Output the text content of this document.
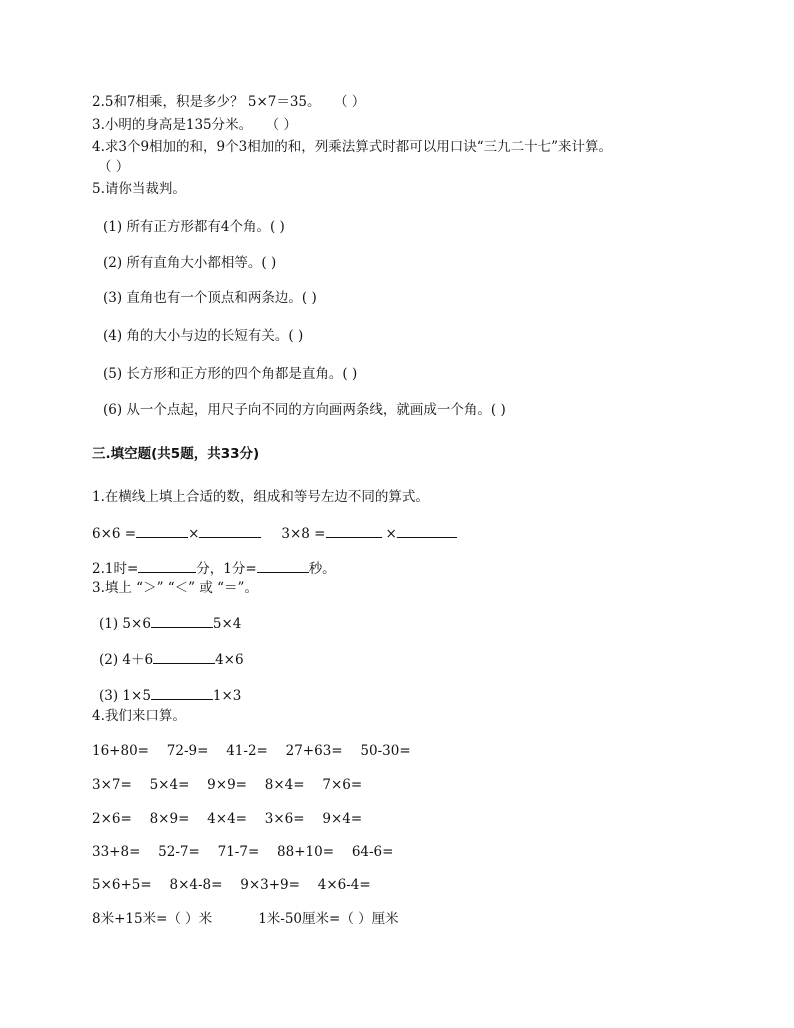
2.5和7相乘，积是多少？ 5×7＝35。　　（ ）
3.小明的身高是135分米。　　（ ）
4.求3个9相加的和，9个3相加的和，列乘法算式时都可以用口诀“三九二十七”来计算。
（ ）
5.请你当裁判。
(1) 所有正方形都有4个角。( )
(2) 所有直角大小都相等。( )
(3) 直角也有一个顶点和两条边。( )
(4) 角的大小与边的长短有关。( )
(5) 长方形和正方形的四个角都是直角。( )
(6) 从一个点起，用尺子向不同的方向画两条线，就画成一个角。( )
三.填空题(共5题，共33分)
1.在横线上填上合适的数，组成和等号左边不同的算式。
6×6 =	×	3×8 =	×
2.1时=	分，1分=	秒。
3.填上 “＞” “＜” 或 “＝”。
(1) 5×6	5×4
(2) 4＋6	4×6
(3) 1×5	1×3
4.我们来口算。
16+80=　 72-9=　 41-2=　 27+63=　 50-30=
3×7=　 5×4=　 9×9=　 8×4=　 7×6=
2×6=　 8×9=　 4×4=　 3×6=　 9×4=
33+8=　 52-7=　 71-7=　 88+10=　 64-6=
5×6+5=　 8×4-8=　 9×3+9=　 4×6-4=
8米+15米=（ ）米	1米-50厘米=（ ）厘米
